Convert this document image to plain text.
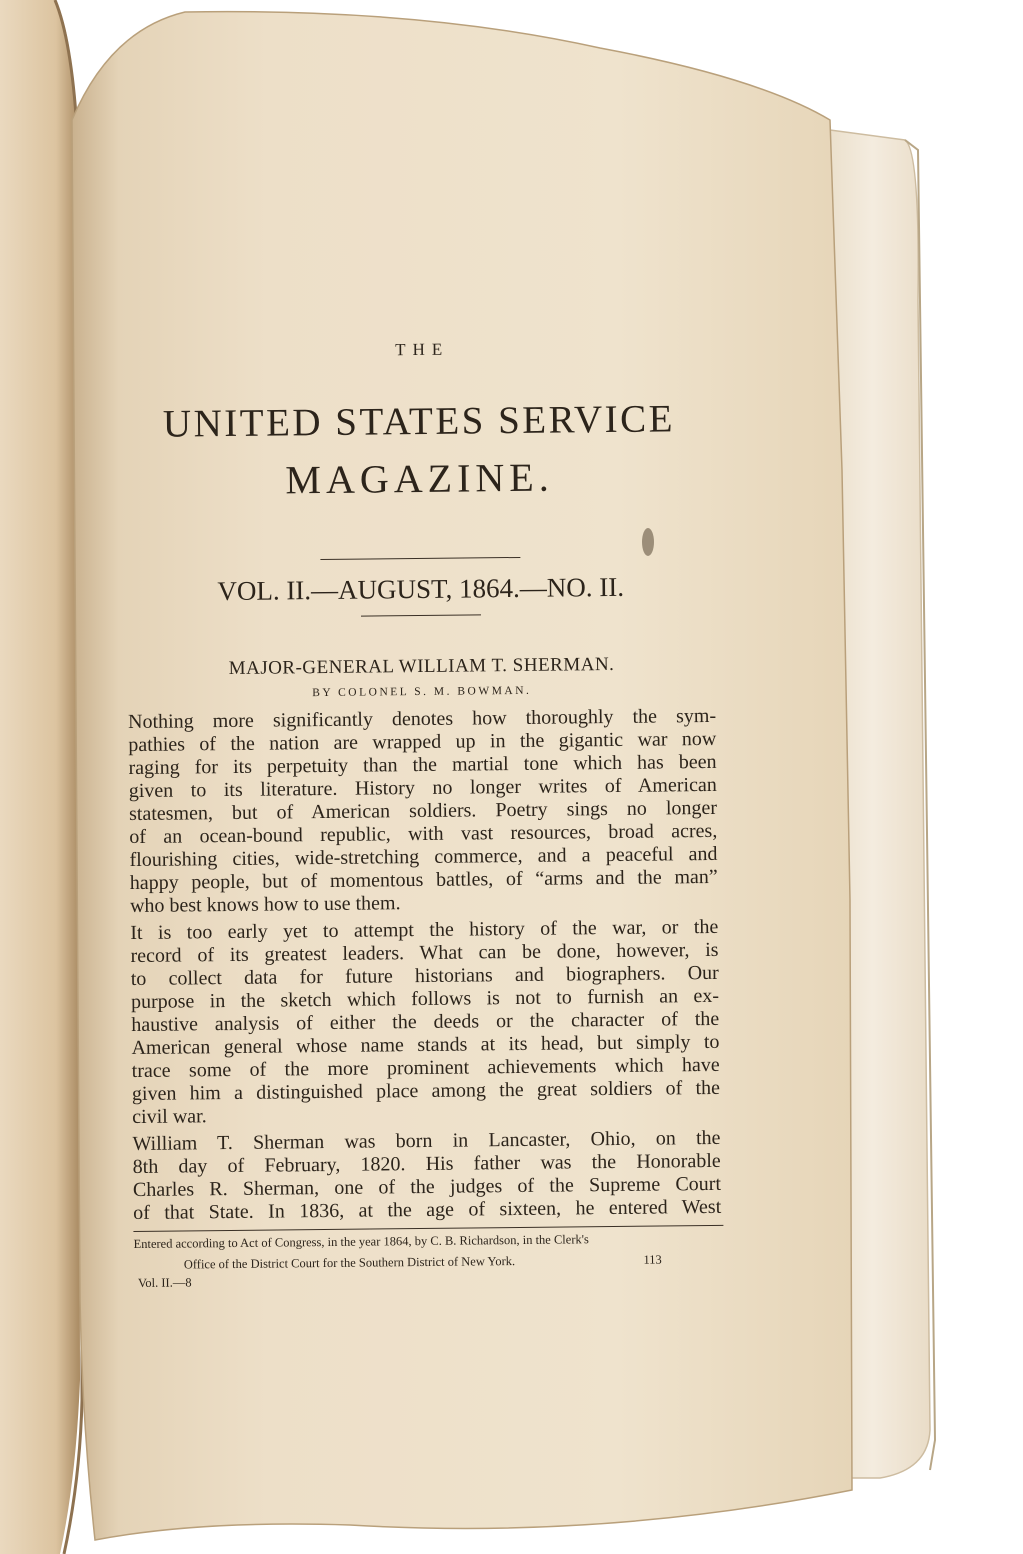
THE
UNITED STATES SERVICE
MAGAZINE.
VOL. II.—AUGUST, 1864.—NO. II.
MAJOR-GENERAL WILLIAM T. SHERMAN.
BY COLONEL S. M. BOWMAN.
Nothing more significantly denotes how thoroughly the sym-
pathies of the nation are wrapped up in the gigantic war now
raging for its perpetuity than the martial tone which has been
given to its literature. History no longer writes of American
statesmen, but of American soldiers. Poetry sings no longer
of an ocean-bound republic, with vast resources, broad acres,
flourishing cities, wide-stretching commerce, and a peaceful and
happy people, but of momentous battles, of “arms and the man”
who best knows how to use them.
It is too early yet to attempt the history of the war, or the
record of its greatest leaders. What can be done, however, is
to collect data for future historians and biographers. Our
purpose in the sketch which follows is not to furnish an ex-
haustive analysis of either the deeds or the character of the
American general whose name stands at its head, but simply to
trace some of the more prominent achievements which have
given him a distinguished place among the great soldiers of the
civil war.
William T. Sherman was born in Lancaster, Ohio, on the
8th day of February, 1820. His father was the Honorable
Charles R. Sherman, one of the judges of the Supreme Court
of that State. In 1836, at the age of sixteen, he entered West
Entered according to Act of Congress, in the year 1864, by C. B. Richardson, in the Clerk's
Office of the District Court for the Southern District of New York.	113
Vol. II.—8
